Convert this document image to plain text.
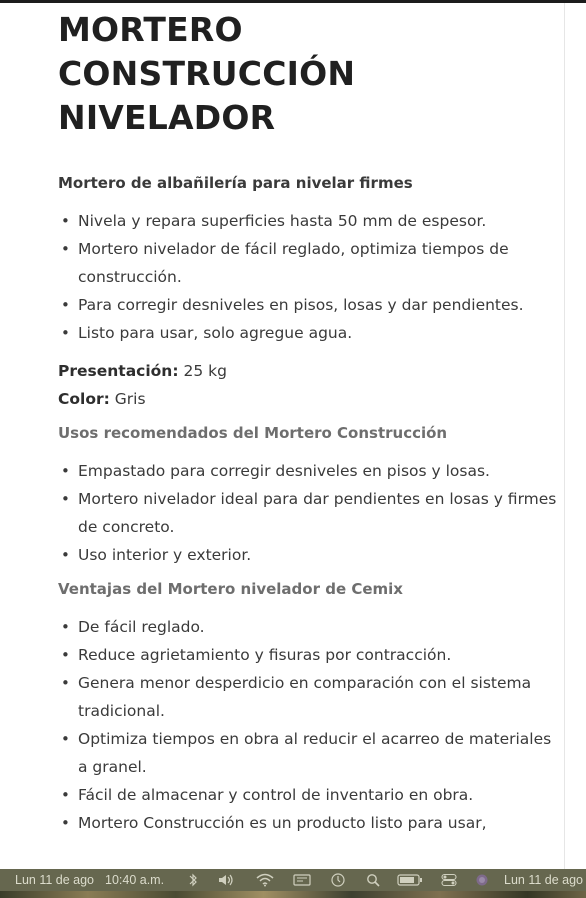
MORTERO
CONSTRUCCIÓN
NIVELADOR

Mortero de albañilería para nivelar firmes

• Nivela y repara superficies hasta 50 mm de espesor.
• Mortero nivelador de fácil reglado, optimiza tiempos de construcción.
• Para corregir desniveles en pisos, losas y dar pendientes.
• Listo para usar, solo agregue agua.
Presentación: 25 kg
Color: Gris

Usos recomendados del Mortero Construcción

• Empastado para corregir desniveles en pisos y losas.
• Mortero nivelador ideal para dar pendientes en losas y firmes de concreto.
• Uso interior y exterior.

Ventajas del Mortero nivelador de Cemix

• De fácil reglado.
• Reduce agrietamiento y fisuras por contracción.
• Genera menor desperdicio en comparación con el sistema tradicional.
• Optimiza tiempos en obra al reducir el acarreo de materiales a granel.
• Fácil de almacenar y control de inventario en obra.
• Mortero Construcción es un producto listo para usar,
Lun 11 de ago 10:40 a.m.	Lun 11 de ago
